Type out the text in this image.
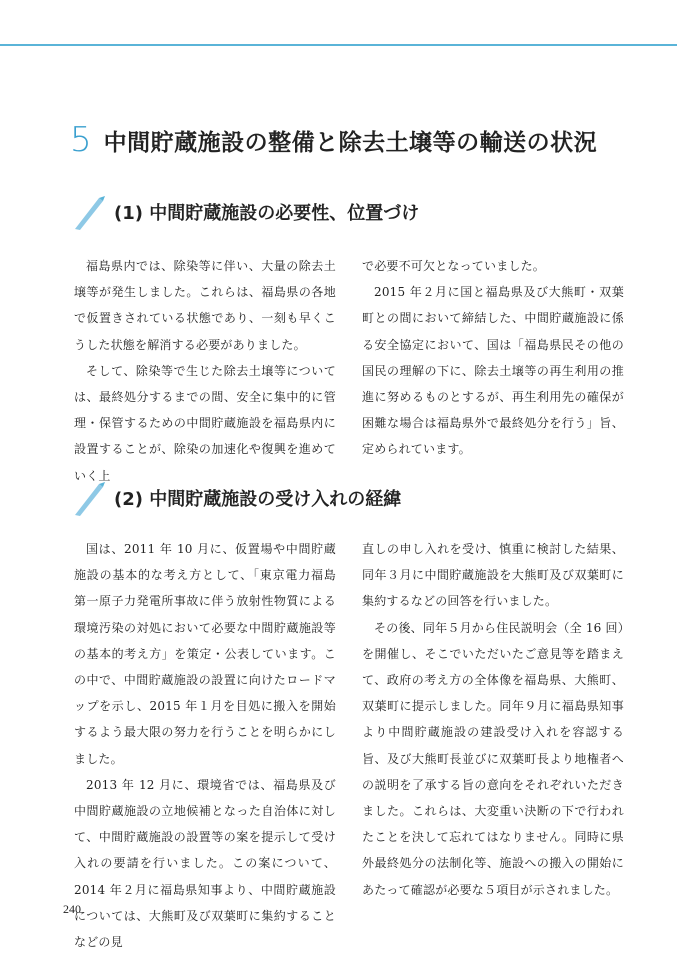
5 中間貯蔵施設の整備と除去土壌等の輸送の状況
(1) 中間貯蔵施設の必要性、位置づけ

福島県内では、除染等に伴い、大量の除去土壌等が発生しました。これらは、福島県の各地で仮置きされている状態であり、一刻も早くこうした状態を解消する必要がありました。

そして、除染等で生じた除去土壌等については、最終処分するまでの間、安全に集中的に管理・保管するための中間貯蔵施設を福島県内に設置することが、除染の加速化や復興を進めていく上

で必要不可欠となっていました。

2015 年２月に国と福島県及び大熊町・双葉町との間において締結した、中間貯蔵施設に係る安全協定において、国は「福島県民その他の国民の理解の下に、除去土壌等の再生利用の推進に努めるものとするが、再生利用先の確保が困難な場合は福島県外で最終処分を行う」旨、定められています。

(2) 中間貯蔵施設の受け入れの経緯

国は、2011 年 10 月に、仮置場や中間貯蔵施設の基本的な考え方として、「東京電力福島第一原子力発電所事故に伴う放射性物質による環境汚染の対処において必要な中間貯蔵施設等の基本的考え方」を策定・公表しています。この中で、中間貯蔵施設の設置に向けたロードマップを示し、2015 年１月を目処に搬入を開始するよう最大限の努力を行うことを明らかにしました。

2013 年 12 月に、環境省では、福島県及び中間貯蔵施設の立地候補となった自治体に対して、中間貯蔵施設の設置等の案を提示して受け入れの要請を行いました。この案について、2014 年２月に福島県知事より、中間貯蔵施設については、大熊町及び双葉町に集約することなどの見

直しの申し入れを受け、慎重に検討した結果、同年３月に中間貯蔵施設を大熊町及び双葉町に集約するなどの回答を行いました。

その後、同年５月から住民説明会（全 16 回）を開催し、そこでいただいたご意見等を踏まえて、政府の考え方の全体像を福島県、大熊町、双葉町に提示しました。同年９月に福島県知事より中間貯蔵施設の建設受け入れを容認する旨、及び大熊町長並びに双葉町長より地権者への説明を了承する旨の意向をそれぞれいただきました。これらは、大変重い決断の下で行われたことを決して忘れてはなりません。同時に県外最終処分の法制化等、施設への搬入の開始にあたって確認が必要な５項目が示されました。

240
